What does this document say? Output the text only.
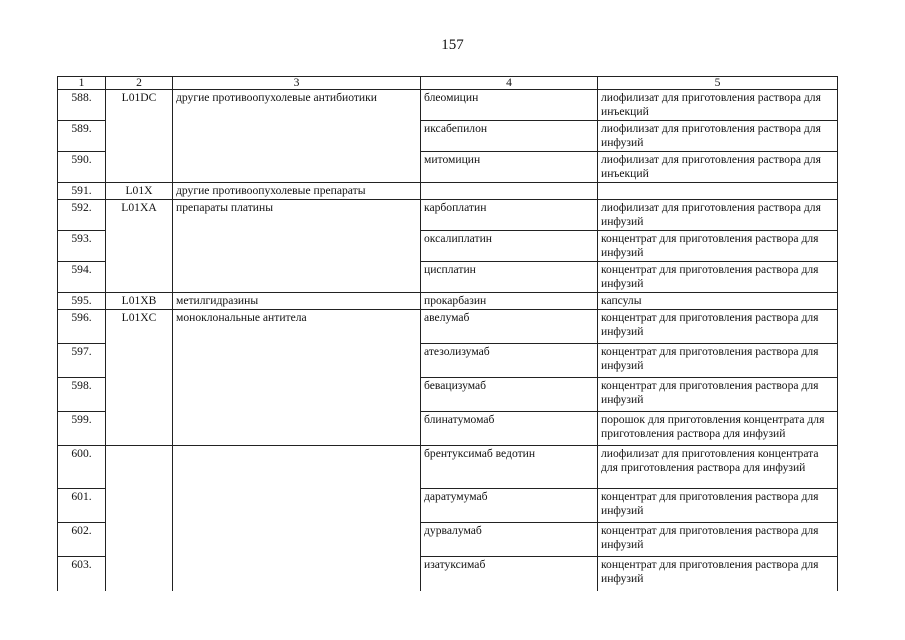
157
1	2	3	4	5
588.	L01DC	другие противоопухолевые антибиотики	блеомицин	лиофилизат для приготовления раствора для инъекций
589.			иксабепилон	лиофилизат для приготовления раствора для инфузий
590.			митомицин	лиофилизат для приготовления раствора для инъекций
591.	L01X	другие противоопухолевые препараты		
592.	L01XA	препараты платины	карбоплатин	лиофилизат для приготовления раствора для инфузий
593.			оксалиплатин	концентрат для приготовления раствора для инфузий
594.			цисплатин	концентрат для приготовления раствора для инфузий
595.	L01XB	метилгидразины	прокарбазин	капсулы
596.	L01XC	моноклональные антитела	авелумаб	концентрат для приготовления раствора для инфузий
597.			атезолизумаб	концентрат для приготовления раствора для инфузий
598.			бевацизумаб	концентрат для приготовления раствора для инфузий
599.			блинатумомаб	порошок для приготовления концентрата для приготовления раствора для инфузий
600.			брентуксимаб ведотин	лиофилизат для приготовления концентрата для приготовления раствора для инфузий
601.			даратумумаб	концентрат для приготовления раствора для инфузий
602.			дурвалумаб	концентрат для приготовления раствора для инфузий
603.			изатуксимаб	концентрат для приготовления раствора для инфузий
